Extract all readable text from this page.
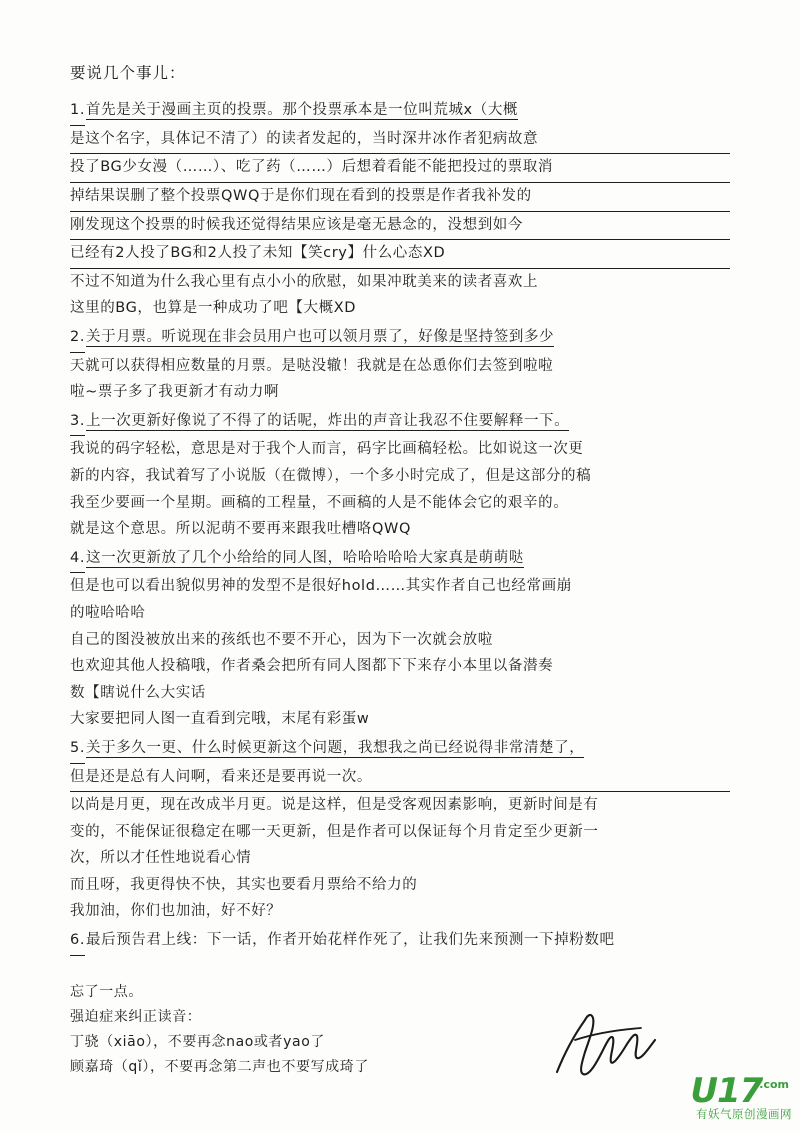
要说几个事儿：
1.首先是关于漫画主页的投票。那个投票承本是一位叫荒城x（大概
是这个名字，具体记不清了）的读者发起的，当时深井冰作者犯病故意
投了BG少女漫（……）、吃了药（……）后想着看能不能把投过的票取消
掉结果误删了整个投票QWQ于是你们现在看到的投票是作者我补发的
刚发现这个投票的时候我还觉得结果应该是毫无悬念的，没想到如今
已经有2人投了BG和2人投了未知【笑cry】什么心态XD
不过不知道为什么我心里有点小小的欣慰，如果冲耽美来的读者喜欢上
这里的BG，也算是一种成功了吧【大概XD
2.关于月票。听说现在非会员用户也可以领月票了，好像是坚持签到多少
天就可以获得相应数量的月票。是哒没辙！我就是在怂恿你们去签到啦啦
啦~票子多了我更新才有动力啊
3.上一次更新好像说了不得了的话呢，炸出的声音让我忍不住要解释一下。
我说的码字轻松，意思是对于我个人而言，码字比画稿轻松。比如说这一次更
新的内容，我试着写了小说版（在微博），一个多小时完成了，但是这部分的稿
我至少要画一个星期。画稿的工程量，不画稿的人是不能体会它的艰辛的。
就是这个意思。所以泥萌不要再来跟我吐槽咯QWQ
4.这一次更新放了几个小给给的同人图，哈哈哈哈哈大家真是萌萌哒
但是也可以看出貌似男神的发型不是很好hold……其实作者自己也经常画崩
的啦哈哈哈
自己的图没被放出来的孩纸也不要不开心，因为下一次就会放啦
也欢迎其他人投稿哦，作者桑会把所有同人图都下下来存小本里以备潜奏
数【瞎说什么大实话
大家要把同人图一直看到完哦，末尾有彩蛋w
5.关于多久一更、什么时候更新这个问题，我想我之尚已经说得非常清楚了，
但是还是总有人问啊，看来还是要再说一次。
以尚是月更，现在改成半月更。说是这样，但是受客观因素影响，更新时间是有
变的，不能保证很稳定在哪一天更新，但是作者可以保证每个月肯定至少更新一
次，所以才任性地说看心情
而且呀，我更得快不快，其实也要看月票给不给力的
我加油，你们也加油，好不好？
6.最后预告君上线：下一话，作者开始花样作死了，让我们先来预测一下掉粉数吧
忘了一点。
强迫症来纠正读音：
丁骁（xiāo），不要再念nao或者yao了
顾嘉琦（qǐ），不要再念第二声也不要写成琦了
$U17^{.com}$
有妖气原创漫画网
